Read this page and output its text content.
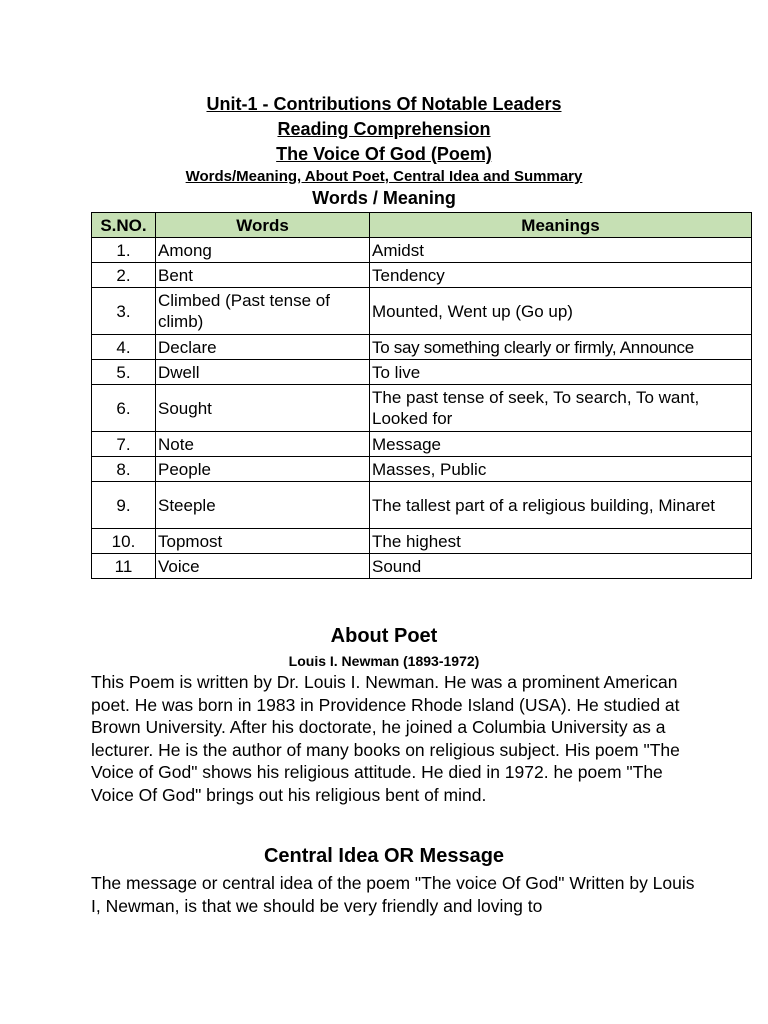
Unit-1 - Contributions Of Notable Leaders
Reading Comprehension
The Voice Of God (Poem)
Words/Meaning, About Poet, Central Idea and Summary
Words / Meaning
S.NO.	Words	Meanings
1.	Among	Amidst
2.	Bent	Tendency
3.	Climbed (Past tense of climb)	Mounted, Went up (Go up)
4.	Declare	To say something clearly or firmly, Announce
5.	Dwell	To live
6.	Sought	The past tense of seek, To search, To want, Looked for
7.	Note	Message
8.	People	Masses, Public
9.	Steeple	The tallest part of a religious building, Minaret
10.	Topmost	The highest
11	Voice	Sound
About Poet
Louis I. Newman (1893-1972)
This Poem is written by Dr. Louis I. Newman. He was a prominent American poet. He was born in 1983 in Providence Rhode Island (USA). He studied at Brown University. After his doctorate, he joined a Columbia University as a lecturer. He is the author of many books on religious subject. His poem "The Voice of God" shows his religious attitude. He died in 1972. he poem "The Voice Of God" brings out his religious bent of mind.
Central Idea OR Message
The message or central idea of the poem "The voice Of God" Written by Louis I, Newman, is that we should be very friendly and loving to
